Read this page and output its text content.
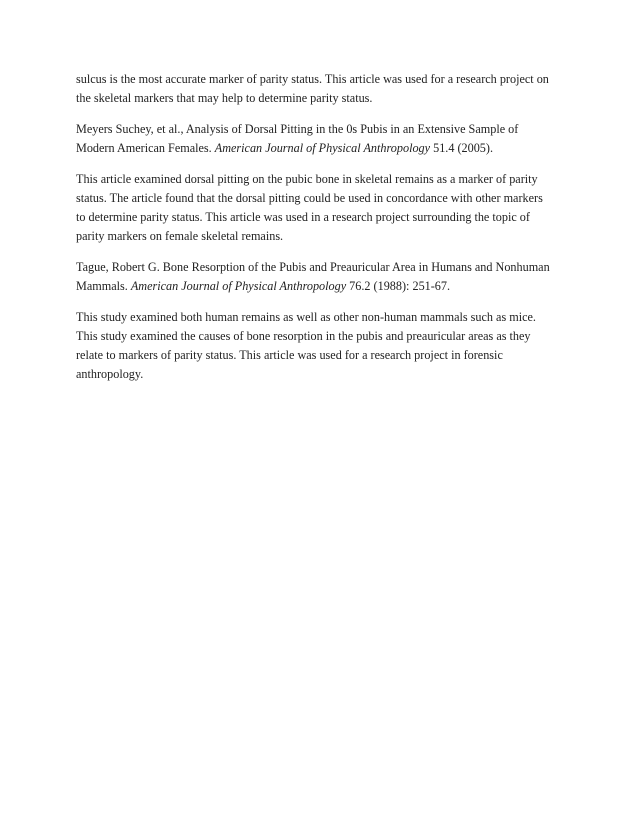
sulcus is the most accurate marker of parity status. This article was used for a research project on
the skeletal markers that may help to determine parity status.

Meyers Suchey, et al., Analysis of Dorsal Pitting in the 0s Pubis in an Extensive Sample of
Modern American Females. American Journal of Physical Anthropology 51.4 (2005).

This article examined dorsal pitting on the pubic bone in skeletal remains as a marker of parity
status. The article found that the dorsal pitting could be used in concordance with other markers
to determine parity status. This article was used in a research project surrounding the topic of
parity markers on female skeletal remains.

Tague, Robert G. Bone Resorption of the Pubis and Preauricular Area in Humans and Nonhuman
Mammals. American Journal of Physical Anthropology 76.2 (1988): 251-67.

This study examined both human remains as well as other non-human mammals such as mice.
This study examined the causes of bone resorption in the pubis and preauricular areas as they
relate to markers of parity status. This article was used for a research project in forensic
anthropology.
